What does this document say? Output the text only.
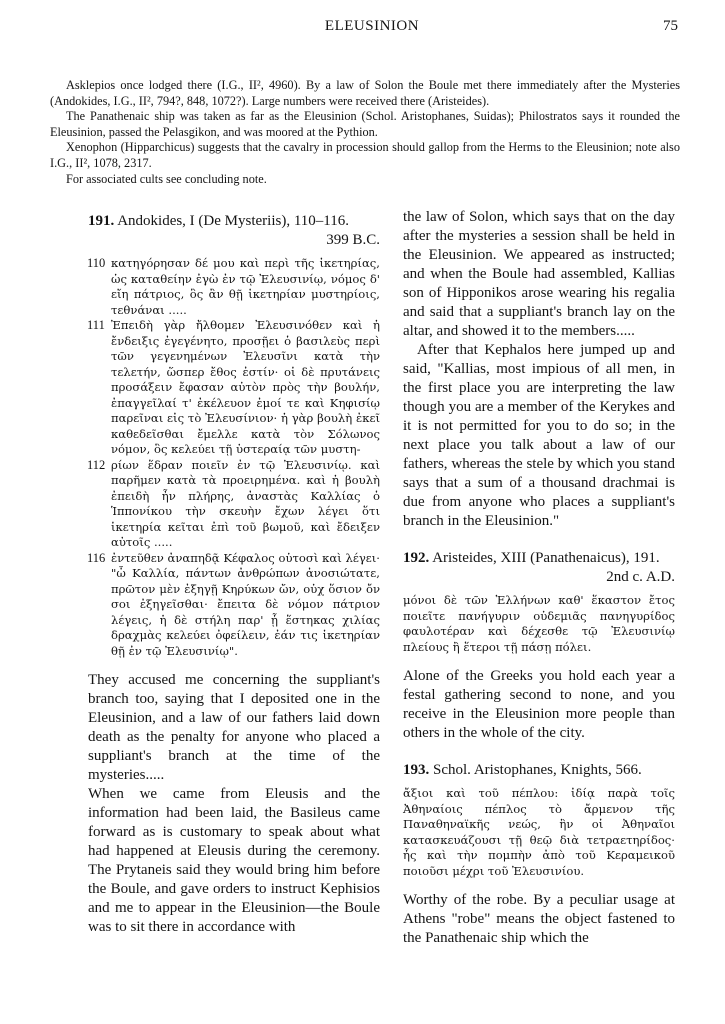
ELEUSINION	75

Asklepios once lodged there (I.G., II², 4960). By a law of Solon the Boule met there immediately after the Mysteries (Andokides, I.G., II², 794?, 848, 1072?). Large numbers were received there (Aristeides).

The Panathenaic ship was taken as far as the Eleusinion (Schol. Aristophanes, Suidas); Philostratos says it rounded the Eleusinion, passed the Pelasgikon, and was moored at the Pythion.

Xenophon (Hipparchicus) suggests that the cavalry in procession should gallop from the Herms to the Eleusinion; note also I.G., II², 1078, 2317.

For associated cults see concluding note.

191. Andokides, I (De Mysteriis), 110–116.
399 B.C.
110 κατηγόρησαν δέ μου καὶ περὶ τῆς ἱκετηρίας, ὡς καταθείην ἐγὼ ἐν τῷ Ἐλευσινίῳ, νόμος δ' εἴη πάτριος, ὃς ἂν θῇ ἱκετηρίαν μυστηρίοις, τεθνάναι .....

111 Ἐπειδὴ γὰρ ἤλθομεν Ἐλευσινόθεν καὶ ἡ ἔνδειξις ἐγεγένητο, προσῇει ὁ βασιλεὺς περὶ τῶν γεγενημένων Ἐλευσῖνι κατὰ τὴν τελετήν, ὥσπερ ἔθος ἐστίν· οἱ δὲ πρυτάνεις προσάξειν ἔφασαν αὐτὸν πρὸς τὴν βουλήν, ἐπαγγεῖλαί τ' ἐκέλευον ἐμοί τε καὶ Κηφισίῳ παρεῖναι εἰς τὸ Ἐλευσίνιον· ἡ γὰρ βουλὴ ἐκεῖ καθεδεῖσθαι ἔμελλε κατὰ τὸν Σόλωνος νόμον, ὃς κελεύει τῇ ὑστεραίᾳ τῶν μυστη-

112 ρίων ἕδραν ποιεῖν ἐν τῷ Ἐλευσινίῳ. καὶ παρῆμεν κατὰ τὰ προειρημένα. καὶ ἡ βουλὴ ἐπειδὴ ἦν πλήρης, ἀναστὰς Καλλίας ὁ Ἱππονίκου τὴν σκευὴν ἔχων λέγει ὅτι ἱκετηρία κεῖται ἐπὶ τοῦ βωμοῦ, καὶ ἔδειξεν αὐτοῖς .....

116 ἐντεῦθεν ἀναπηδᾷ Κέφαλος οὑτοσὶ καὶ λέγει· "ὦ Καλλία, πάντων ἀνθρώπων ἀνοσιώτατε, πρῶτον μὲν ἐξηγῇ Κηρύκων ὤν, οὐχ ὅσιον ὄν σοι ἐξηγεῖσθαι· ἔπειτα δὲ νόμον πάτριον λέγεις, ἡ δὲ στήλη παρ' ᾗ ἕστηκας χιλίας δραχμὰς κελεύει ὀφείλειν, ἐάν τις ἱκετηρίαν θῇ ἐν τῷ Ἐλευσινίῳ".

They accused me concerning the suppliant's branch too, saying that I deposited one in the Eleusinion, and a law of our fathers laid down death as the penalty for anyone who placed a suppliant's branch at the time of the mysteries.....

When we came from Eleusis and the information had been laid, the Basileus came forward as is customary to speak about what had happened at Eleusis during the ceremony. The Prytaneis said they would bring him before the Boule, and gave orders to instruct Kephisios and me to appear in the Eleusinion—the Boule was to sit there in accordance with

the law of Solon, which says that on the day after the mysteries a session shall be held in the Eleusinion. We appeared as instructed; and when the Boule had assembled, Kallias son of Hipponikos arose wearing his regalia and said that a suppliant's branch lay on the altar, and showed it to the members.....

After that Kephalos here jumped up and said, "Kallias, most impious of all men, in the first place you are interpreting the law though you are a member of the Kerykes and it is not permitted for you to do so; in the next place you talk about a law of our fathers, whereas the stele by which you stand says that a sum of a thousand drachmai is due from anyone who places a suppliant's branch in the Eleusinion."

192. Aristeides, XIII (Panathenaicus), 191.
2nd c. A.D.

μόνοι δὲ τῶν Ἑλλήνων καθ' ἕκαστον ἔτος ποιεῖτε πανήγυριν οὐδεμιᾶς πανηγυρίδος φαυλοτέραν καὶ δέχεσθε τῷ Ἐλευσινίῳ πλείους ἢ ἕτεροι τῇ πάσῃ πόλει.

Alone of the Greeks you hold each year a festal gathering second to none, and you receive in the Eleusinion more people than others in the whole of the city.

193. Schol. Aristophanes, Knights, 566.

ἄξιοι καὶ τοῦ πέπλου: ἰδίᾳ παρὰ τοῖς Ἀθηναίοις πέπλος τὸ ἄρμενον τῆς Παναθηναϊκῆς νεώς, ἣν οἱ Ἀθηναῖοι κατασκευάζουσι τῇ θεῷ διὰ τετραετηρίδος· ἧς καὶ τὴν πομπὴν ἀπὸ τοῦ Κεραμεικοῦ ποιοῦσι μέχρι τοῦ Ἐλευσινίου.

Worthy of the robe. By a peculiar usage at Athens "robe" means the object fastened to the Panathenaic ship which the
